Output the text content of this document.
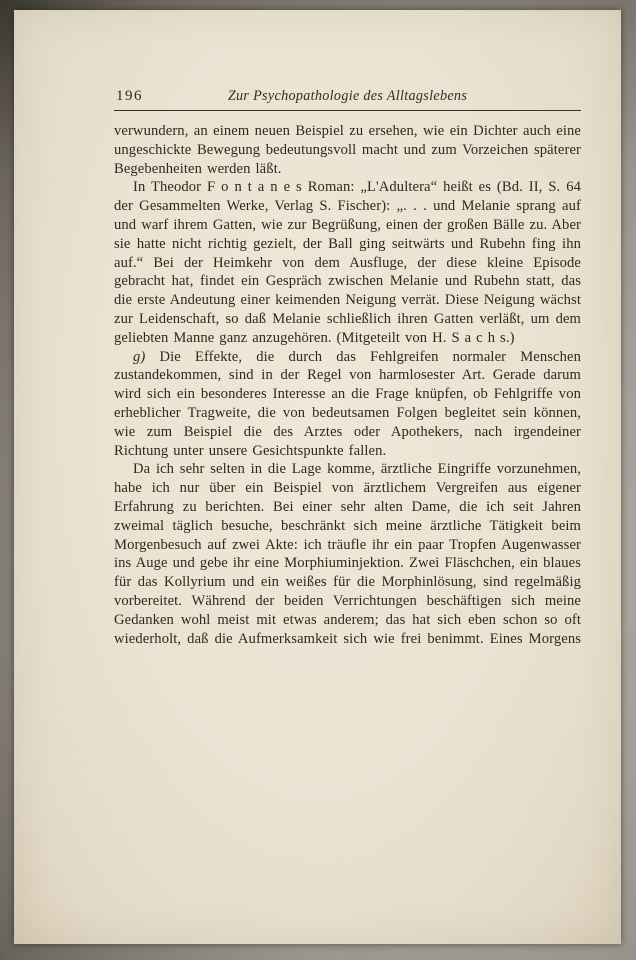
196	Zur Psychopathologie des Alltagslebens

verwundern, an einem neuen Beispiel zu ersehen, wie ein Dichter auch eine ungeschickte Bewegung bedeutungsvoll macht und zum Vorzeichen späterer Begebenheiten werden läßt.

In Theodor F o n t a n e s Roman: „L'Adultera“ heißt es (Bd. II, S. 64 der Gesammelten Werke, Verlag S. Fischer): „. . . und Melanie sprang auf und warf ihrem Gatten, wie zur Begrüßung, einen der großen Bälle zu. Aber sie hatte nicht richtig gezielt, der Ball ging seitwärts und Rubehn fing ihn auf.“ Bei der Heimkehr von dem Ausfluge, der diese kleine Episode gebracht hat, findet ein Gespräch zwischen Melanie und Rubehn statt, das die erste Andeutung einer keimenden Neigung verrät. Diese Neigung wächst zur Leidenschaft, so daß Melanie schließlich ihren Gatten verläßt, um dem geliebten Manne ganz anzugehören. (Mitgeteilt von H. S a c h s.)

g) Die Effekte, die durch das Fehlgreifen normaler Menschen zustandekommen, sind in der Regel von harmlosester Art. Gerade darum wird sich ein besonderes Interesse an die Frage knüpfen, ob Fehlgriffe von erheblicher Tragweite, die von bedeutsamen Folgen begleitet sein können, wie zum Beispiel die des Arztes oder Apothekers, nach irgendeiner Richtung unter unsere Gesichtspunkte fallen.

Da ich sehr selten in die Lage komme, ärztliche Eingriffe vorzunehmen, habe ich nur über ein Beispiel von ärztlichem Vergreifen aus eigener Erfahrung zu berichten. Bei einer sehr alten Dame, die ich seit Jahren zweimal täglich besuche, beschränkt sich meine ärztliche Tätigkeit beim Morgenbesuch auf zwei Akte: ich träufle ihr ein paar Tropfen Augenwasser ins Auge und gebe ihr eine Morphiuminjektion. Zwei Fläschchen, ein blaues für das Kollyrium und ein weißes für die Morphinlösung, sind regelmäßig vorbereitet. Während der beiden Verrichtungen beschäftigen sich meine Gedanken wohl meist mit etwas anderem; das hat sich eben schon so oft wiederholt, daß die Aufmerksamkeit sich wie frei benimmt. Eines Morgens
